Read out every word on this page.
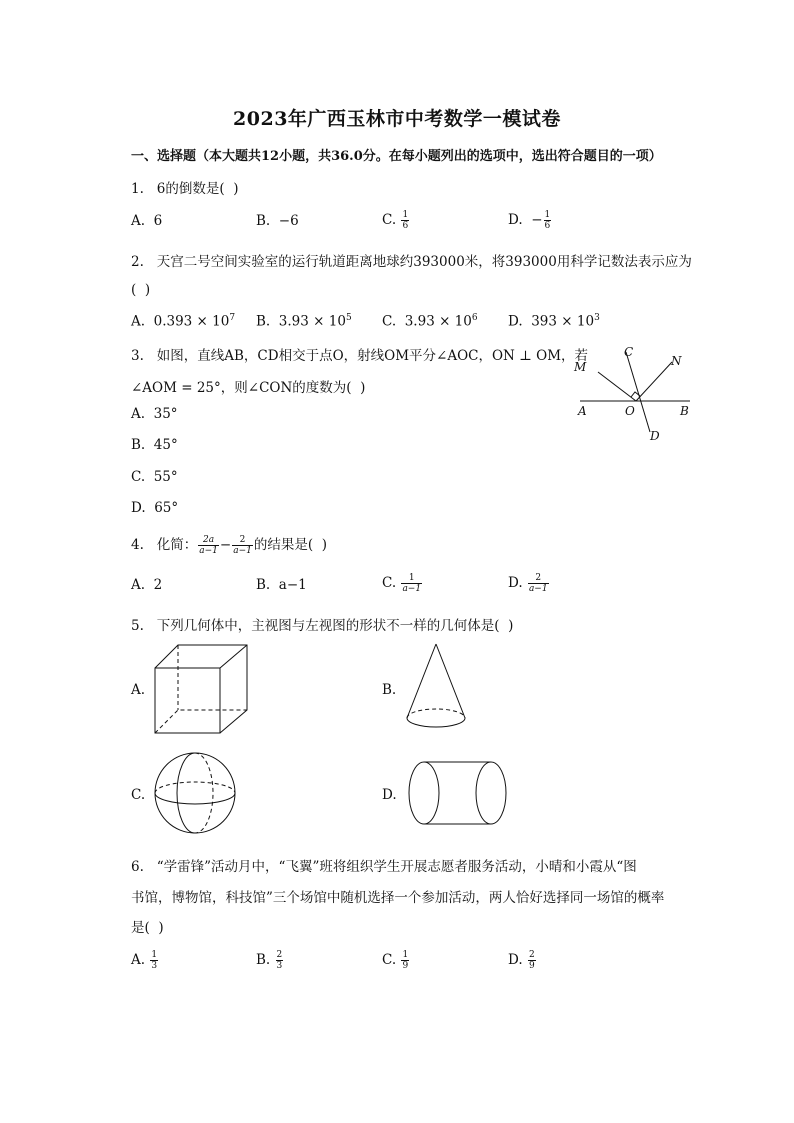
2023年广西玉林市中考数学一模试卷
一、选择题（本大题共12小题，共36.0分。在每小题列出的选项中，选出符合题目的一项）
1.   6的倒数是(  )
A.  6	B.  −6	C. $\frac{1}{6}$	D.  − $\frac{1}{6}$
2.   天宫二号空间实验室的运行轨道距离地球约393000米，将393000用科学记数法表示应为
(  )
A.  $0.393 \times 10^7$ B.  $3.93 \times 10^5$ C.  $3.93 \times 10^6$ D.  $393 \times 10^3$
3.   如图，直线AB，CD相交于点O，射线OM平分∠AOC，ON ⊥ OM，若
∠AOM = 25°，则∠CON的度数为(  )
A.  35°
B.  45°
C.  55°
D.  65°
M
C
N
A	O	B
D
4.   化简： $\frac{2a}{a-1} - \frac{2}{a-1}$ 的结果是(  )
A.  2	B.  a−1	C. $\frac{1}{a-1}$	D. $\frac{2}{a-1}$
5.   下列几何体中，主视图与左视图的形状不一样的几何体是(  )
A.	B.
C.	D.
6.   “学雷锋”活动月中，“飞翼”班将组织学生开展志愿者服务活动，小晴和小霞从“图
书馆，博物馆，科技馆”三个场馆中随机选择一个参加活动，两人恰好选择同一场馆的概率
是(  )
A. $\frac{1}{3}$	B. $\frac{2}{3}$	C. $\frac{1}{9}$	D. $\frac{2}{9}$
